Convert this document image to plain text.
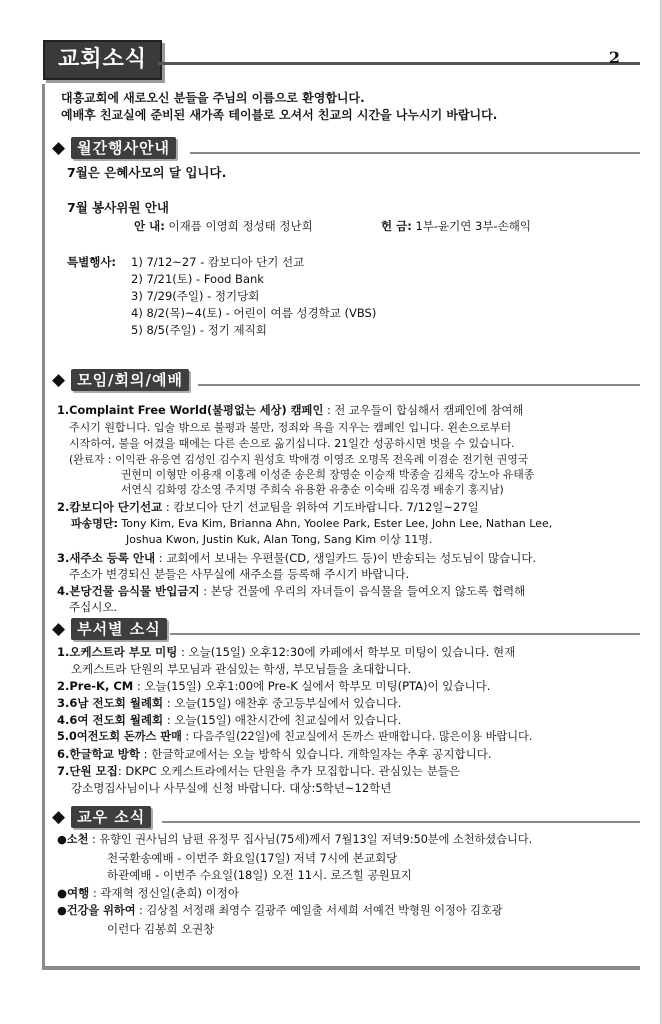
교회소식	2
대흥교회에 새로오신 분들을 주님의 이름으로 환영합니다.
예배후 친교실에 준비된 새가족 테이블로 오셔서 친교의 시간을 나누시기 바랍니다.
◆ 월간행사안내
7월은 은혜사모의 달 입니다.
7월 봉사위원 안내
안 내: 이재픔 이영희 정성태 정난희	헌 금: 1부-윤기연 3부-손해익
특별행사: 1) 7/12~27 - 캄보디아 단기 선교
2) 7/21(토) - Food Bank
3) 7/29(주일) - 정기당회
4) 8/2(목)~4(토) - 어린이 여름 성경학교 (VBS)
5) 8/5(주일) - 정기 제직회
◆ 모임/회의/예배
1.Complaint Free World(불평없는 세상) 캠페인 : 전 교우들이 합심해서 캠페인에 참여해
주시기 원합니다. 입술 밖으로 불평과 불만, 정죄와 욕을 지우는 캠페인 입니다. 왼손으로부터
시작하여, 불을 어겼을 때에는 다른 손으로 옮기십니다. 21일간 성공하시면 벗을 수 있습니다.
(완료자 : 이익관 유응연 김성인 김수지 원성호 박애경 이영조 오명목 전옥례 이겸순 전기현 권영국
권현미 이형만 이용재 이홍례 이성준 송은희 장영순 이승재 박종술 김채옥 강노아 유태종
서연식 김화영 강소영 주지명 주희숙 유용환 유충순 이숙배 김옥경 배송기 홍지남)
2.캄보디아 단기선교 : 캄보디아 단기 선교팀을 위하여 기도바랍니다. 7/12일~27일
파송명단: Tony Kim, Eva Kim, Brianna Ahn, Yoolee Park, Ester Lee, John Lee, Nathan Lee,
Joshua Kwon, Justin Kuk, Alan Tong, Sang Kim 이상 11명.
3.새주소 등록 안내 : 교회에서 보내는 우편물(CD, 생일카드 등)이 반송되는 성도님이 많습니다.
주소가 변경되신 분들은 사무실에 새주소를 등록해 주시기 바랍니다.
4.본당건물 음식물 반입금지 : 본당 건물에 우리의 자녀들이 음식물을 들여오지 않도록 협력해
주십시오.
◆ 부서별 소식
1.오케스트라 부모 미팅 : 오늘(15일) 오후12:30에 카페에서 학부모 미팅이 있습니다. 현재
오케스트라 단원의 부모님과 관심있는 학생, 부모님들을 초대합니다.
2.Pre-K, CM : 오늘(15일) 오후1:00에 Pre-K 실에서 학부모 미팅(PTA)이 있습니다.
3.6남 전도회 월례회 : 오늘(15일) 애찬후 중고등부실에서 있습니다.
4.6여 전도회 월례회 : 오늘(15일) 애찬시간에 친교실에서 있습니다.
5.0여전도회 돈까스 판매 : 다음주일(22일)에 친교실에서 돈까스 판매합니다. 많은이용 바랍니다.
6.한글학교 방학 : 한글학교에서는 오늘 방학식 있습니다. 개학일자는 추후 공지합니다.
7.단원 모집: DKPC 오케스트라에서는 단원을 추가 모집합니다. 관심있는 분들은
강소명집사님이나 사무실에 신청 바랍니다. 대상:5학년~12학년
◆ 교우 소식
●소천 : 유향인 권사님의 남편 유정무 집사님(75세)께서 7월13일 저녁9:50분에 소천하셨습니다.
천국환송예배 - 이번주 화요일(17일) 저녁 7시에 본교회당
하관예배 - 이번주 수요일(18일) 오전 11시. 로즈힐 공원묘지
●여행 : 곽재혁 정신일(춘희) 이정아
●건강을 위하여 : 김상칠 서정래 최영수 길광주 예일출 서세희 서예건 박형원 이정아 김호광
이런다 김봉희 오권창
